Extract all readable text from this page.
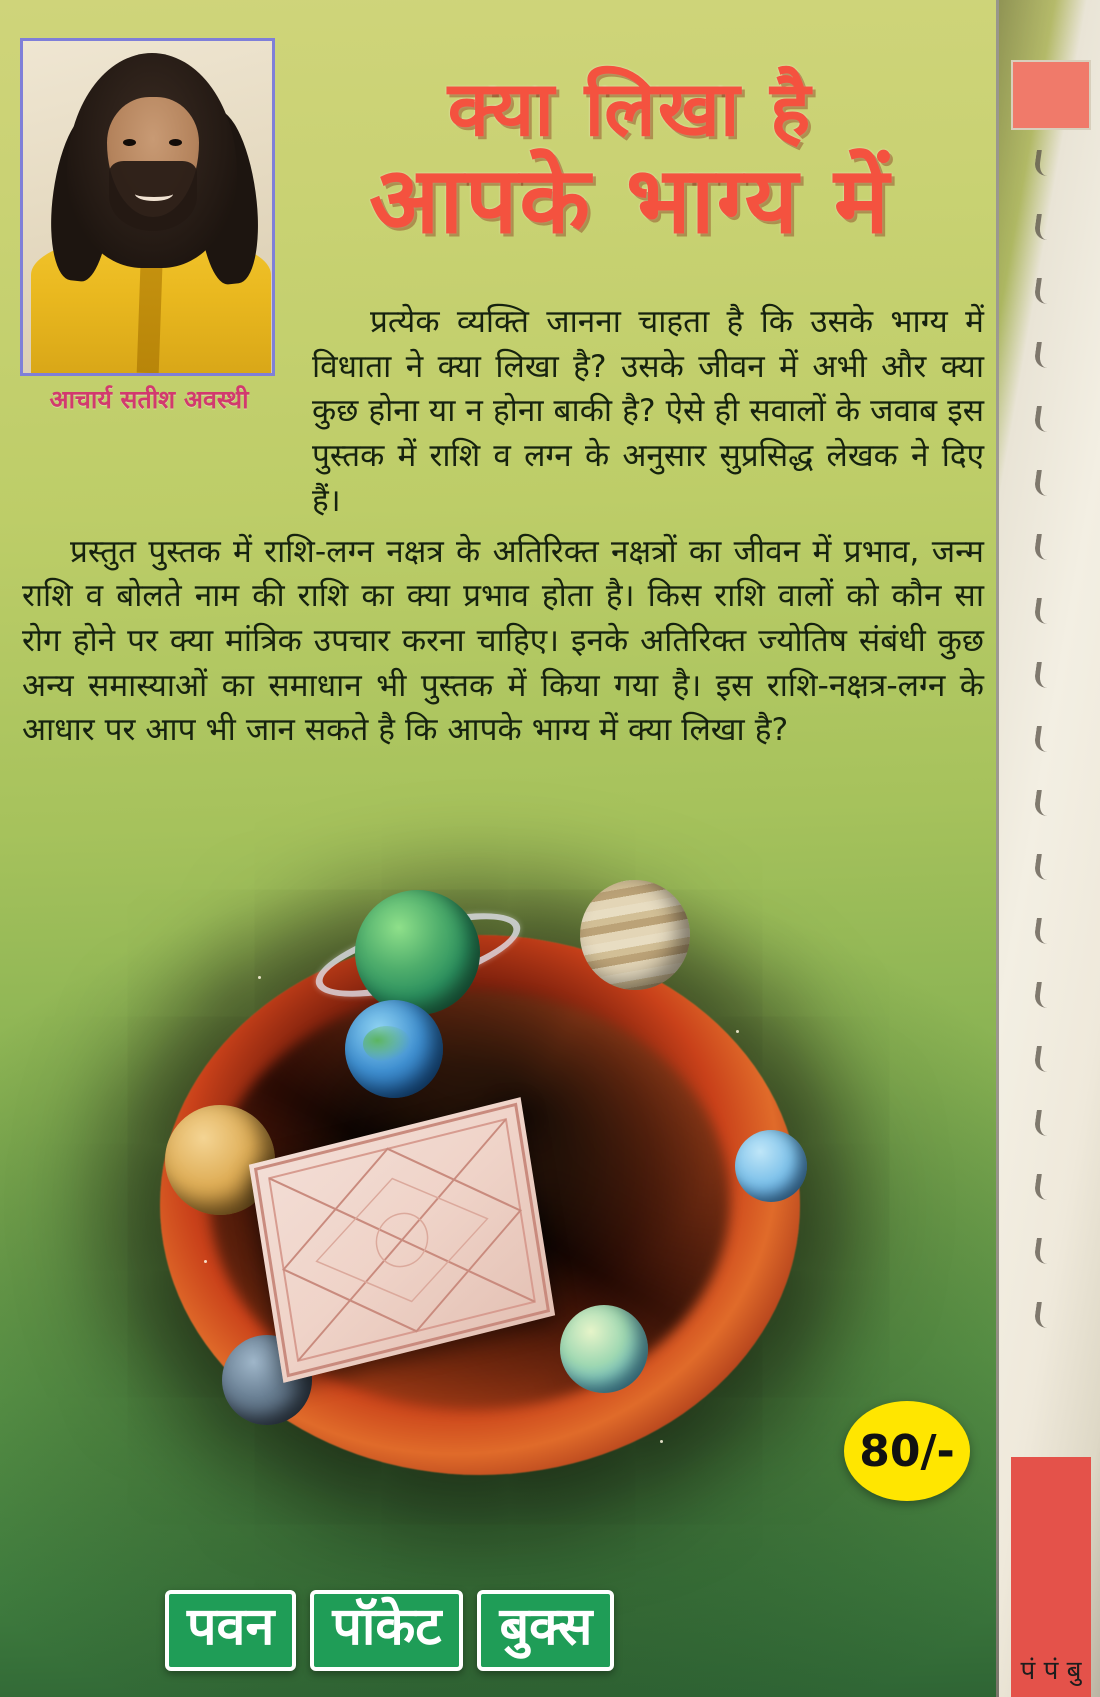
आचार्य सतीश अवस्थी
क्या लिखा है
आपके भाग्य में

प्रत्येक व्यक्ति जानना चाहता है कि उसके भाग्य में विधाता ने क्या लिखा है? उसके जीवन में अभी और क्या कुछ होना या न होना बाकी है? ऐसे ही सवालों के जवाब इस पुस्तक में राशि व लग्न के अनुसार सुप्रसिद्ध लेखक ने दिए हैं।

प्रस्तुत पुस्तक में राशि-लग्न नक्षत्र के अतिरिक्त नक्षत्रों का जीवन में प्रभाव, जन्म राशि व बोलते नाम की राशि का क्या प्रभाव होता है। किस राशि वालों को कौन सा रोग होने पर क्या मांत्रिक उपचार करना चाहिए। इनके अतिरिक्त ज्योतिष संबंधी कुछ अन्य समास्याओं का समाधान भी पुस्तक में किया गया है। इस राशि-नक्षत्र-लग्न के आधार पर आप भी जान सकते है कि आपके भाग्य में क्या लिखा है?

80/-
पवन	पॉकेट	बुक्स
पं पं बु
